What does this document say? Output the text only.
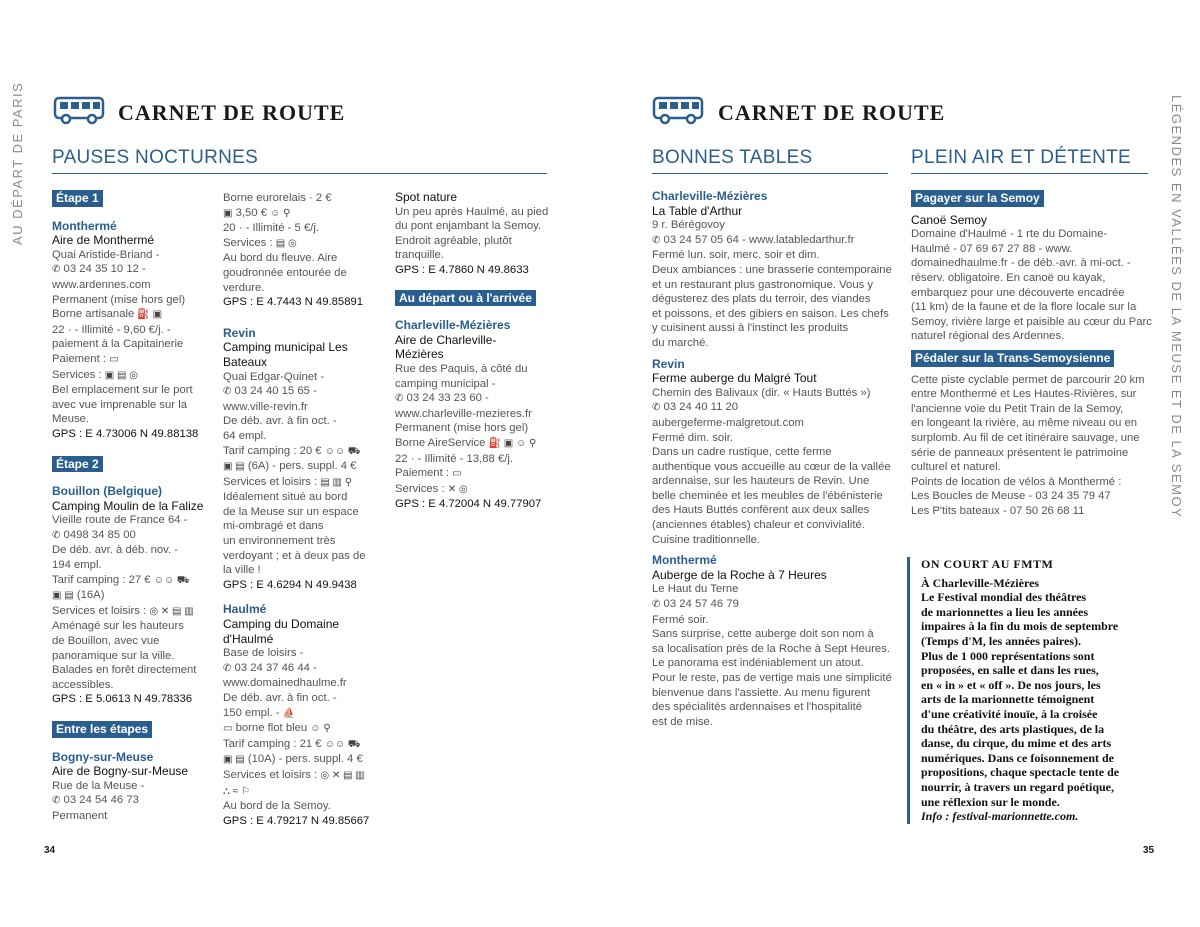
AU DÉPART DE PARIS	LÉGENDES EN VALLÉES DE LA MEUSE ET DE LA SEMOY
CARNET DE ROUTE	CARNET DE ROUTE
PAUSES NOCTURNES	BONNES TABLES	PLEIN AIR ET DÉTENTE
Étape 1
Monthermé
Aire de Monthermé
Quai Aristide-Briand -
✆ 03 24 35 10 12 -
www.ardennes.com
Permanent (mise hors gel)
Borne artisanale ⛽ ▣
22 · - Illimité - 9,60 €/j. -
paiement à la Capitainerie
Paiement : ▭
Services : ▣ ▤ ◎
Bel emplacement sur le port
avec vue imprenable sur la
Meuse.
GPS : E 4.73006 N 49.88138
Étape 2
Bouillon (Belgique)
Camping Moulin de la Falize
Vieille route de France 64 -
✆ 0498 34 85 00
De déb. avr. à déb. nov. -
194 empl.
Tarif camping : 27 € ☺☺ ⛟
▣ ▤ (16A)
Services et loisirs : ◎ ✕ ▤ ▥
Aménagé sur les hauteurs
de Bouillon, avec vue
panoramique sur la ville.
Balades en forêt directement
accessibles.
GPS : E 5.0613 N 49.78336
Entre les étapes
Bogny-sur-Meuse
Aire de Bogny-sur-Meuse
Rue de la Meuse -
✆ 03 24 54 46 73
Permanent
Borne eurorelais · 2 €
▣ 3,50 € ☺ ⚲
20 · - Illimité - 5 €/j.
Services : ▤ ◎
Au bord du fleuve. Aire
goudronnée entourée de
verdure.
GPS : E 4.7443 N 49.85891
Revin
Camping municipal Les Bateaux
Quai Edgar-Quinet -
✆ 03 24 40 15 65 -
www.ville-revin.fr
De déb. avr. à fin oct. -
64 empl.
Tarif camping : 20 € ☺☺ ⛟
▣ ▤ (6A) - pers. suppl. 4 €
Services et loisirs : ▤ ▥ ⚲
Idéalement situé au bord
de la Meuse sur un espace
mi-ombragé et dans
un environnement très
verdoyant ; et à deux pas de
la ville !
GPS : E 4.6294 N 49.9438
Haulmé
Camping du Domaine d'Haulmé
Base de loisirs -
✆ 03 24 37 46 44 -
www.domainedhaulme.fr
De déb. avr. à fin oct. -
150 empl. - ⛵
▭ borne flot bleu ☺ ⚲
Tarif camping : 21 € ☺☺ ⛟
▣ ▤ (10A) - pers. suppl. 4 €
Services et loisirs : ◎ ✕ ▤ ▥
⛬ ≈ ⚐
Au bord de la Semoy.
GPS : E 4.79217 N 49.85667
Spot nature
Un peu après Haulmé, au pied
du pont enjambant la Semoy.
Endroit agréable, plutôt
tranquille.
GPS : E 4.7860 N 49.8633
Au départ ou à l'arrivée
Charleville-Mézières
Aire de Charleville-Mézières
Rue des Paquis, à côté du
camping municipal -
✆ 03 24 33 23 60 -
www.charleville-mezieres.fr
Permanent (mise hors gel)
Borne AireService ⛽ ▣ ☺ ⚲
22 · - Illimité - 13,88 €/j.
Paiement : ▭
Services : ✕ ◎
GPS : E 4.72004 N 49.77907
Charleville-Mézières
La Table d'Arthur
9 r. Bérégovoy
✆ 03 24 57 05 64 - www.latabledarthur.fr
Fermé lun. soir, merc. soir et dim.
Deux ambiances : une brasserie contemporaine
et un restaurant plus gastronomique. Vous y
dégusterez des plats du terroir, des viandes
et poissons, et des gibiers en saison. Les chefs
y cuisinent aussi à l'instinct les produits
du marché.
Revin
Ferme auberge du Malgré Tout
Chemin des Balivaux (dir. « Hauts Buttés »)
✆ 03 24 40 11 20
aubergeferme-malgretout.com
Fermé dim. soir.
Dans un cadre rustique, cette ferme
authentique vous accueille au cœur de la vallée
ardennaise, sur les hauteurs de Revin. Une
belle cheminée et les meubles de l'ébénisterie
des Hauts Buttés confèrent aux deux salles
(anciennes étables) chaleur et convivialité.
Cuisine traditionnelle.
Monthermé
Auberge de la Roche à 7 Heures
Le Haut du Terne
✆ 03 24 57 46 79
Fermé soir.
Sans surprise, cette auberge doit son nom à
sa localisation près de la Roche à Sept Heures.
Le panorama est indéniablement un atout.
Pour le reste, pas de vertige mais une simplicité
bienvenue dans l'assiette. Au menu figurent
des spécialités ardennaises et l'hospitalité
est de mise.
Pagayer sur la Semoy
Canoë Semoy
Domaine d'Haulmé - 1 rte du Domaine-
Haulmé - 07 69 67 27 88 - www.
domainedhaulme.fr - de déb.-avr. à mi-oct. -
réserv. obligatoire. En canoë ou kayak,
embarquez pour une découverte encadrée
(11 km) de la faune et de la flore locale sur la
Semoy, rivière large et paisible au cœur du Parc
naturel régional des Ardennes.
Pédaler sur la Trans-Semoysienne
Cette piste cyclable permet de parcourir 20 km
entre Monthermé et Les Hautes-Rivières, sur
l'ancienne voie du Petit Train de la Semoy,
en longeant la rivière, au même niveau ou en
surplomb. Au fil de cet itinéraire sauvage, une
série de panneaux présentent le patrimoine
culturel et naturel.
Points de location de vélos à Monthermé :
Les Boucles de Meuse - 03 24 35 79 47
Les P'tits bateaux - 07 50 26 68 11
ON COURT AU FMTM
À Charleville-Mézières
Le Festival mondial des théâtres
de marionnettes a lieu les années
impaires à la fin du mois de septembre
(Temps d'M, les années paires).
Plus de 1 000 représentations sont
proposées, en salle et dans les rues,
en « in » et « off ». De nos jours, les
arts de la marionnette témoignent
d'une créativité inouïe, à la croisée
du théâtre, des arts plastiques, de la
danse, du cirque, du mime et des arts
numériques. Dans ce foisonnement de
propositions, chaque spectacle tente de
nourrir, à travers un regard poétique,
une réflexion sur le monde.
Info : festival-marionnette.com.
34	35
